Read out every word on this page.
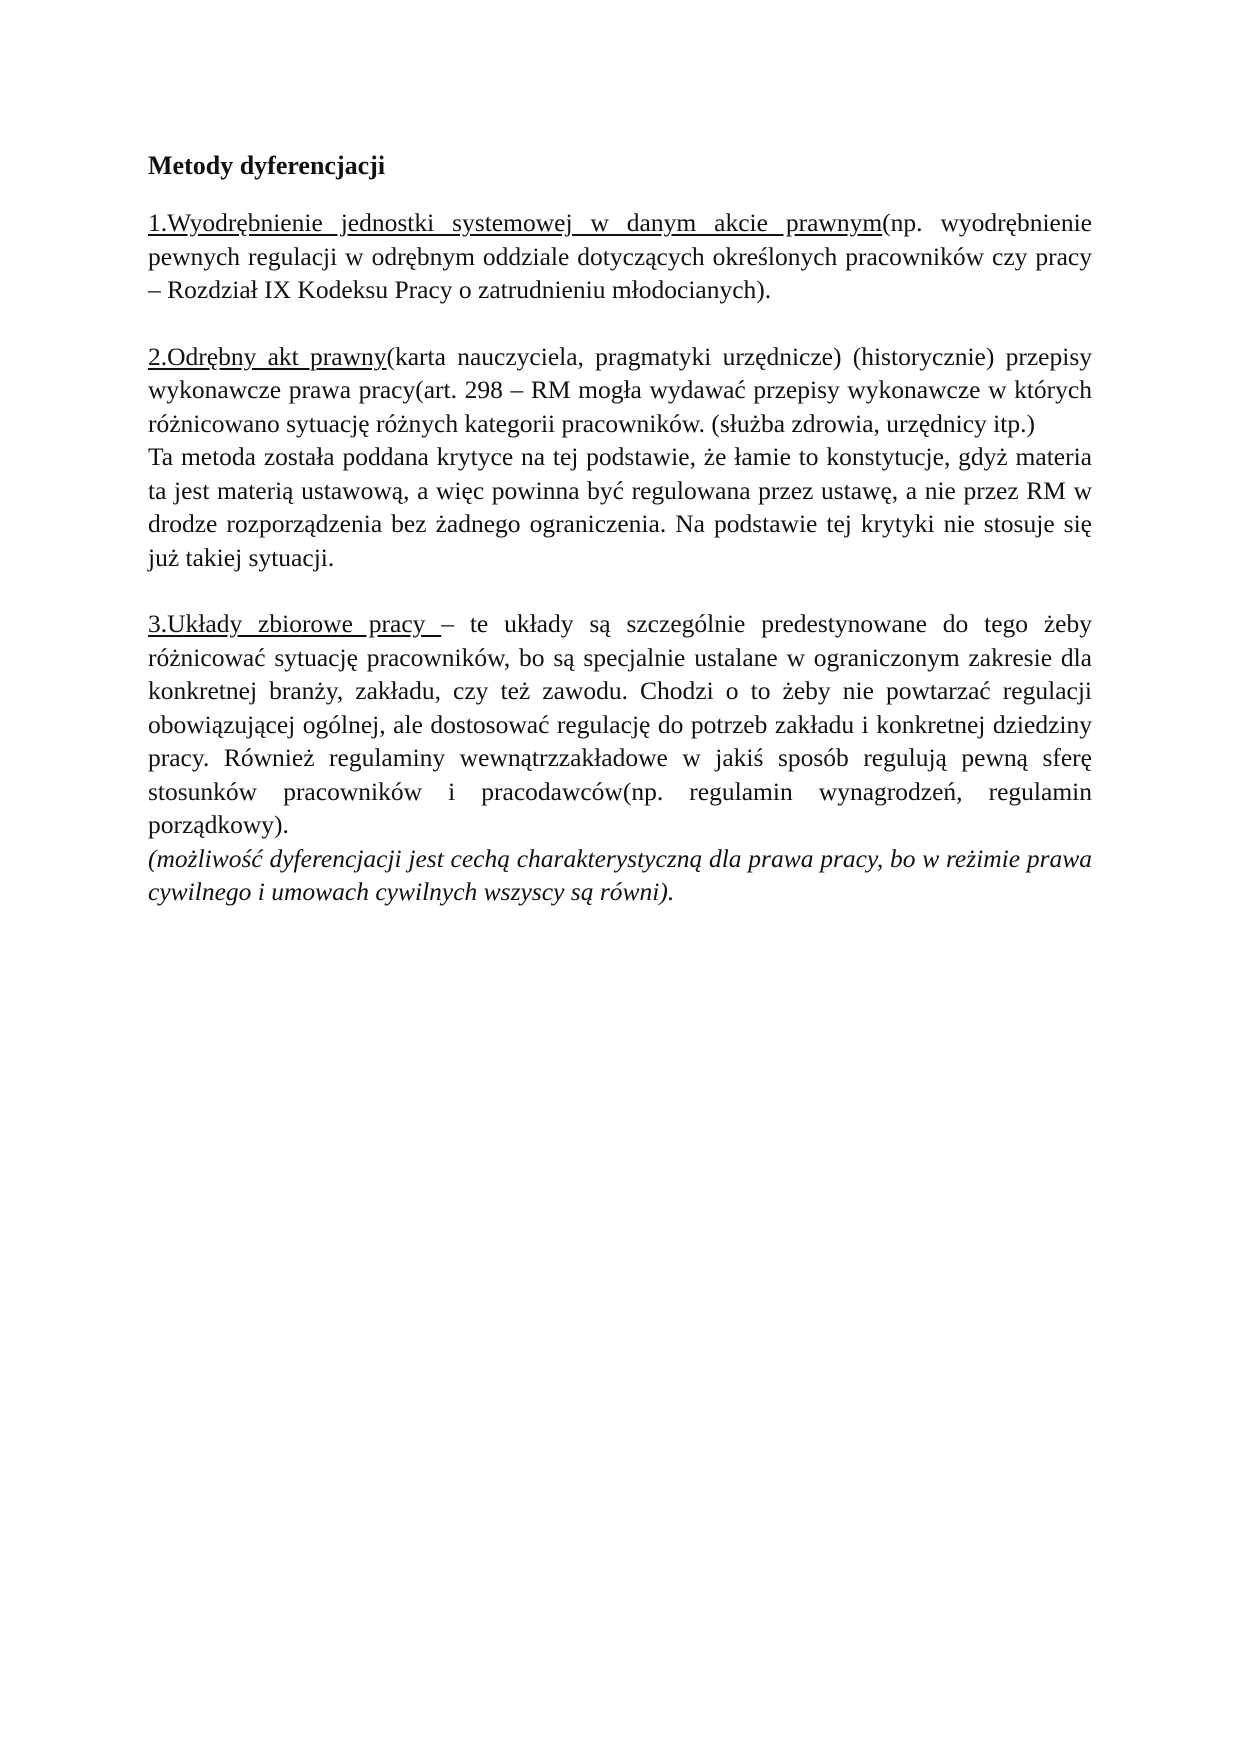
Metody dyferencjacji

1.Wyodrębnienie jednostki systemowej w danym akcie prawnym(np. wyodrębnienie pewnych regulacji w odrębnym oddziale dotyczących określonych pracowników czy pracy – Rozdział IX Kodeksu Pracy o zatrudnieniu młodocianych).

2.Odrębny akt prawny(karta nauczyciela, pragmatyki urzędnicze) (historycznie) przepisy wykonawcze prawa pracy(art. 298 – RM mogła wydawać przepisy wykonawcze w których różnicowano sytuację różnych kategorii pracowników. (służba zdrowia, urzędnicy itp.)

Ta metoda została poddana krytyce na tej podstawie, że łamie to konstytucje, gdyż materia ta jest materią ustawową, a więc powinna być regulowana przez ustawę, a nie przez RM w drodze rozporządzenia bez żadnego ograniczenia. Na podstawie tej krytyki nie stosuje się już takiej sytuacji.

3.Układy zbiorowe pracy – te układy są szczególnie predestynowane do tego żeby różnicować sytuację pracowników, bo są specjalnie ustalane w ograniczonym zakresie dla konkretnej branży, zakładu, czy też zawodu. Chodzi o to żeby nie powtarzać regulacji obowiązującej ogólnej, ale dostosować regulację do potrzeb zakładu i konkretnej dziedziny pracy. Również regulaminy wewnątrzzakładowe w jakiś sposób regulują pewną sferę stosunków pracowników i pracodawców(np. regulamin wynagrodzeń, regulamin porządkowy).

(możliwość dyferencjacji jest cechą charakterystyczną dla prawa pracy, bo w reżimie prawa cywilnego i umowach cywilnych wszyscy są równi).
